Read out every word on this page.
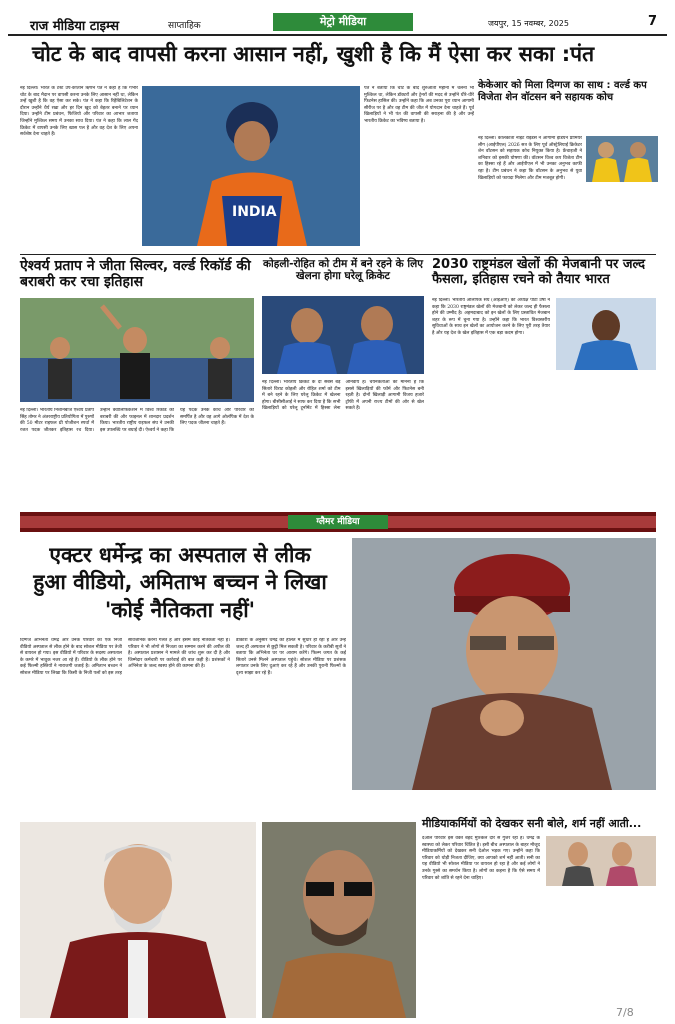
राज मीडिया टाइम्स	साप्ताहिक	मेट्रो मीडिया	जयपुर, 15 नवम्बर, 2025	7
चोट के बाद वापसी करना आसान नहीं, खुशी है कि मैं ऐसा कर सका :पंत
नई दिल्ली। भारत के टेस्ट उप-कप्तान ऋषभ पंत ने कहा है कि गंभीर चोट के बाद मैदान पर वापसी करना उनके लिए आसान नहीं था, लेकिन उन्हें खुशी है कि वह ऐसा कर सके। पंत ने कहा कि रिहैबिलिटेशन के दौरान उन्होंने धैर्य रखा और हर दिन खुद को बेहतर बनाने पर ध्यान दिया। उन्होंने टीम प्रबंधन, फिजियो और परिवार का आभार जताया जिन्होंने मुश्किल समय में उनका साथ दिया। पंत ने कहा कि लाल गेंद क्रिकेट में वापसी उनके लिए खास पल है और वह देश के लिए अपना सर्वश्रेष्ठ देना चाहते हैं।
INDIA
पंत ने बताया कि चोट के बाद शुरुआती महीनों में चलना भी मुश्किल था, लेकिन डॉक्टरों और ट्रेनरों की मदद से उन्होंने धीरे-धीरे फिटनेस हासिल की। उन्होंने कहा कि अब उनका पूरा ध्यान आगामी सीरीज पर है और वह टीम की जीत में योगदान देना चाहते हैं। पूर्व खिलाड़ियों ने भी पंत की वापसी की सराहना की है और उन्हें भारतीय क्रिकेट का भविष्य बताया है।
केकेआर को मिला दिग्गज का साथ : वर्ल्ड कप विजेता शेन वॉटसन बने सहायक कोच
नई दिल्ली। कोलकाता नाइट राइडर्स ने आगामी इंडियन प्रीमियर लीग (आईपीएल) 2026 सत्र के लिए पूर्व ऑस्ट्रेलियाई क्रिकेटर शेन वॉटसन को सहायक कोच नियुक्त किया है। फ्रेंचाइजी ने शनिवार को इसकी घोषणा की। वॉटसन विश्व कप विजेता टीम का हिस्सा रहे हैं और आईपीएल में भी उनका अनुभव काफी रहा है। टीम प्रबंधन ने कहा कि वॉटसन के अनुभव से युवा खिलाड़ियों को फायदा मिलेगा और टीम मजबूत होगी।
ऐश्वर्य प्रताप ने जीता सिल्वर, वर्ल्ड रिकॉर्ड की बराबरी कर रचा इतिहास
नई दिल्ली। भारतीय निशानेबाज ऐश्वर्य प्रताप सिंह तोमर ने अंतरराष्ट्रीय प्रतियोगिता में पुरुषों की 50 मीटर राइफल थ्री पोजीशन स्पर्धा में रजत पदक जीतकर इतिहास रच दिया। उन्होंने क्वालिफिकेशन में विश्व रिकॉर्ड की बराबरी की और फाइनल में शानदार प्रदर्शन किया। भारतीय राष्ट्रीय राइफल संघ ने उनकी इस उपलब्धि पर बधाई दी। ऐश्वर्य ने कहा कि यह पदक उनके कोच और परिवार को समर्पित है और वह आगे ओलंपिक में देश के लिए पदक जीतना चाहते हैं।
कोहली-रोहित को टीम में बने रहने के लिए खेलना होगा घरेलू क्रिकेट
नई दिल्ली। भारतीय क्रिकेट के दो सबसे बड़े सितारे विराट कोहली और रोहित शर्मा को टीम में बने रहने के लिए घरेलू क्रिकेट में खेलना होगा। बीसीसीआई ने साफ कर दिया है कि सभी खिलाड़ियों को घरेलू टूर्नामेंट में हिस्सा लेना अनिवार्य है। चयनकर्ताओं का मानना है कि इससे खिलाड़ियों की फॉर्म और फिटनेस बनी रहती है। दोनों खिलाड़ी आगामी विजय हजारे ट्रॉफी में अपनी राज्य टीमों की ओर से खेल सकते हैं।
2030 राष्ट्रमंडल खेलों की मेजबानी पर जल्द फैसला, इतिहास रचने को तैयार भारत
नई दिल्ली। भारतीय ओलंपिक संघ (आईओए) की अध्यक्ष पीटी उषा ने कहा कि 2030 राष्ट्रमंडल खेलों की मेजबानी को लेकर जल्द ही फैसला होने की उम्मीद है। अहमदाबाद को इन खेलों के लिए प्रस्तावित मेजबान शहर के रूप में चुना गया है। उन्होंने कहा कि भारत विश्वस्तरीय सुविधाओं के साथ इन खेलों का आयोजन करने के लिए पूरी तरह तैयार है और यह देश के खेल इतिहास में एक बड़ा कदम होगा।
ग्लैमर मीडिया
एक्टर धर्मेन्द्र का अस्पताल से लीक हुआ वीडियो, अमिताभ बच्चन ने लिखा 'कोई नैतिकता नहीं'
दिग्गज अभिनेता धर्मेंद्र और उनके परिवार का एक निजी वीडियो अस्पताल से लीक होने के बाद सोशल मीडिया पर तेजी से वायरल हो गया। इस वीडियो में परिवार के सदस्य अस्पताल के कमरे में भावुक नजर आ रहे हैं। वीडियो के लीक होने पर कई फिल्मी हस्तियों ने नाराजगी जताई है। अमिताभ बच्चन ने सोशल मीडिया पर लिखा कि किसी के निजी पलों को इस तरह सार्वजनिक करना गलत है और इसमें कोई नैतिकता नहीं है। परिवार ने भी लोगों से निजता का सम्मान करने की अपील की है। अस्पताल प्रशासन ने मामले की जांच शुरू कर दी है और जिम्मेदार कर्मचारी पर कार्रवाई की बात कही है। प्रशंसकों ने अभिनेता के जल्द स्वस्थ होने की कामना की है।
डॉक्टरों के अनुसार धर्मेंद्र की हालत में सुधार हो रहा है और उन्हें जल्द ही अस्पताल से छुट्टी मिल सकती है। परिवार के करीबी सूत्रों ने बताया कि अभिनेता घर पर आराम करेंगे। फिल्म जगत के कई सितारे उनसे मिलने अस्पताल पहुंचे। सोशल मीडिया पर प्रशंसक लगातार उनके लिए दुआएं कर रहे हैं और उनकी पुरानी फिल्मों के दृश्य साझा कर रहे हैं।
मीडियाकर्मियों को देखकर सनी बोले, शर्म नहीं आती...
देओल परिवार इस वक्त बेहद मुश्किल दौर से गुजर रहा है। धर्मेंद्र के स्वास्थ्य को लेकर परिवार चिंतित है। इसी बीच अस्पताल के बाहर मौजूद मीडियाकर्मियों को देखकर सनी देओल भड़क गए। उन्होंने कहा कि परिवार को थोड़ी निजता दीजिए, क्या आपको शर्म नहीं आती। सनी का यह वीडियो भी सोशल मीडिया पर वायरल हो रहा है और कई लोगों ने उनके गुस्से का समर्थन किया है। लोगों का कहना है कि ऐसे समय में परिवार को शांति से रहने देना चाहिए।
7/8
